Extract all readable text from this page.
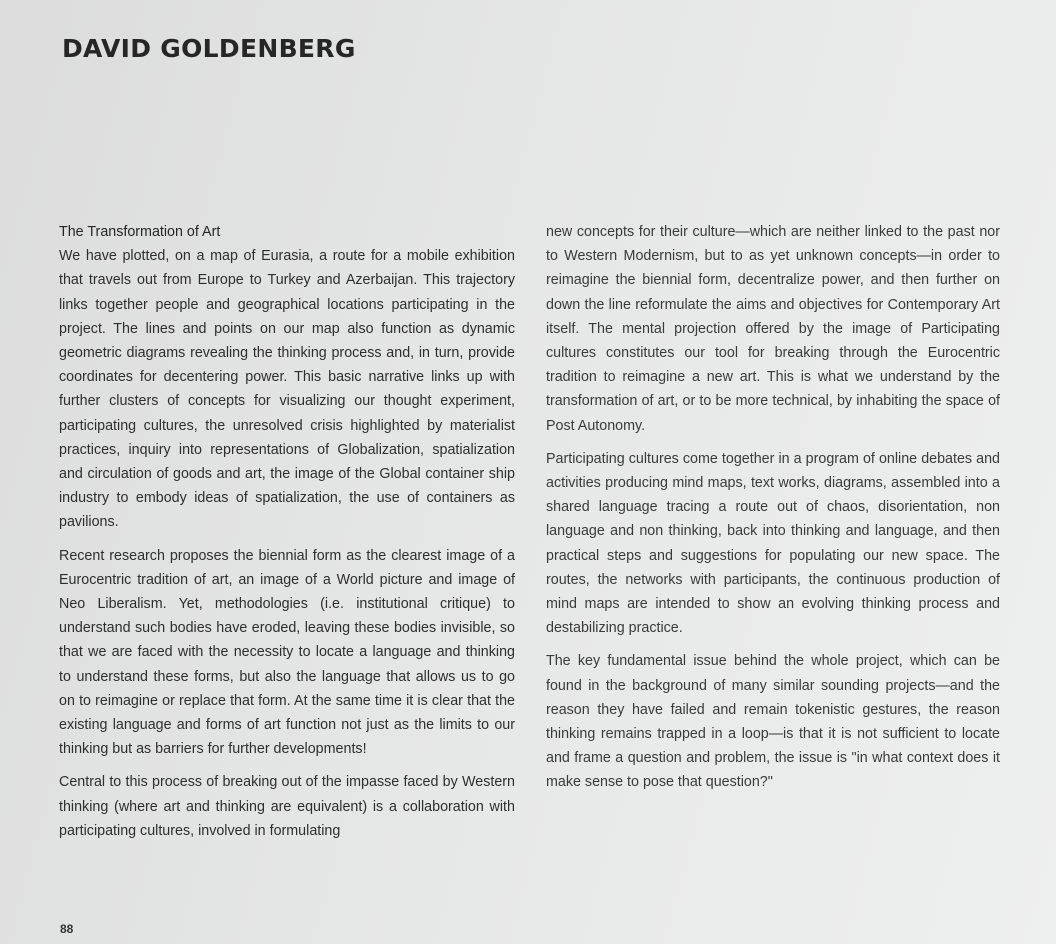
DAVID GOLDENBERG
The Transformation of Art

We have plotted, on a map of Eurasia, a route for a mobile exhibition that travels out from Europe to Turkey and Azerbaijan. This trajectory links together people and geographical locations participating in the project. The lines and points on our map also function as dynamic geometric diagrams revealing the thinking process and, in turn, provide coordinates for decentering power. This basic narrative links up with further clusters of concepts for visualizing our thought experiment, participating cultures, the unresolved crisis highlighted by materialist practices, inquiry into representations of Globalization, spatialization and circulation of goods and art, the image of the Global container ship industry to embody ideas of spatialization, the use of containers as pavilions.

Recent research proposes the biennial form as the clearest image of a Eurocentric tradition of art, an image of a World picture and image of Neo Liberalism. Yet, methodologies (i.e. institutional critique) to understand such bodies have eroded, leaving these bodies invisible, so that we are faced with the necessity to locate a language and thinking to understand these forms, but also the language that allows us to go on to reimagine or replace that form. At the same time it is clear that the existing language and forms of art function not just as the limits to our thinking but as barriers for further developments!

Central to this process of breaking out of the impasse faced by Western thinking (where art and thinking are equivalent) is a collaboration with participating cultures, involved in formulating

new concepts for their culture—which are neither linked to the past nor to Western Modernism, but to as yet unknown concepts—in order to reimagine the biennial form, decentralize power, and then further on down the line reformulate the aims and objectives for Contemporary Art itself. The mental projection offered by the image of Participating cultures constitutes our tool for breaking through the Eurocentric tradition to reimagine a new art. This is what we understand by the transformation of art, or to be more technical, by inhabiting the space of Post Autonomy.

Participating cultures come together in a program of online debates and activities producing mind maps, text works, diagrams, assembled into a shared language tracing a route out of chaos, disorientation, non language and non thinking, back into thinking and language, and then practical steps and suggestions for populating our new space. The routes, the networks with participants, the continuous production of mind maps are intended to show an evolving thinking process and destabilizing practice.

The key fundamental issue behind the whole project, which can be found in the background of many similar sounding projects—and the reason they have failed and remain tokenistic gestures, the reason thinking remains trapped in a loop—is that it is not sufficient to locate and frame a question and problem, the issue is "in what context does it make sense to pose that question?"

88
